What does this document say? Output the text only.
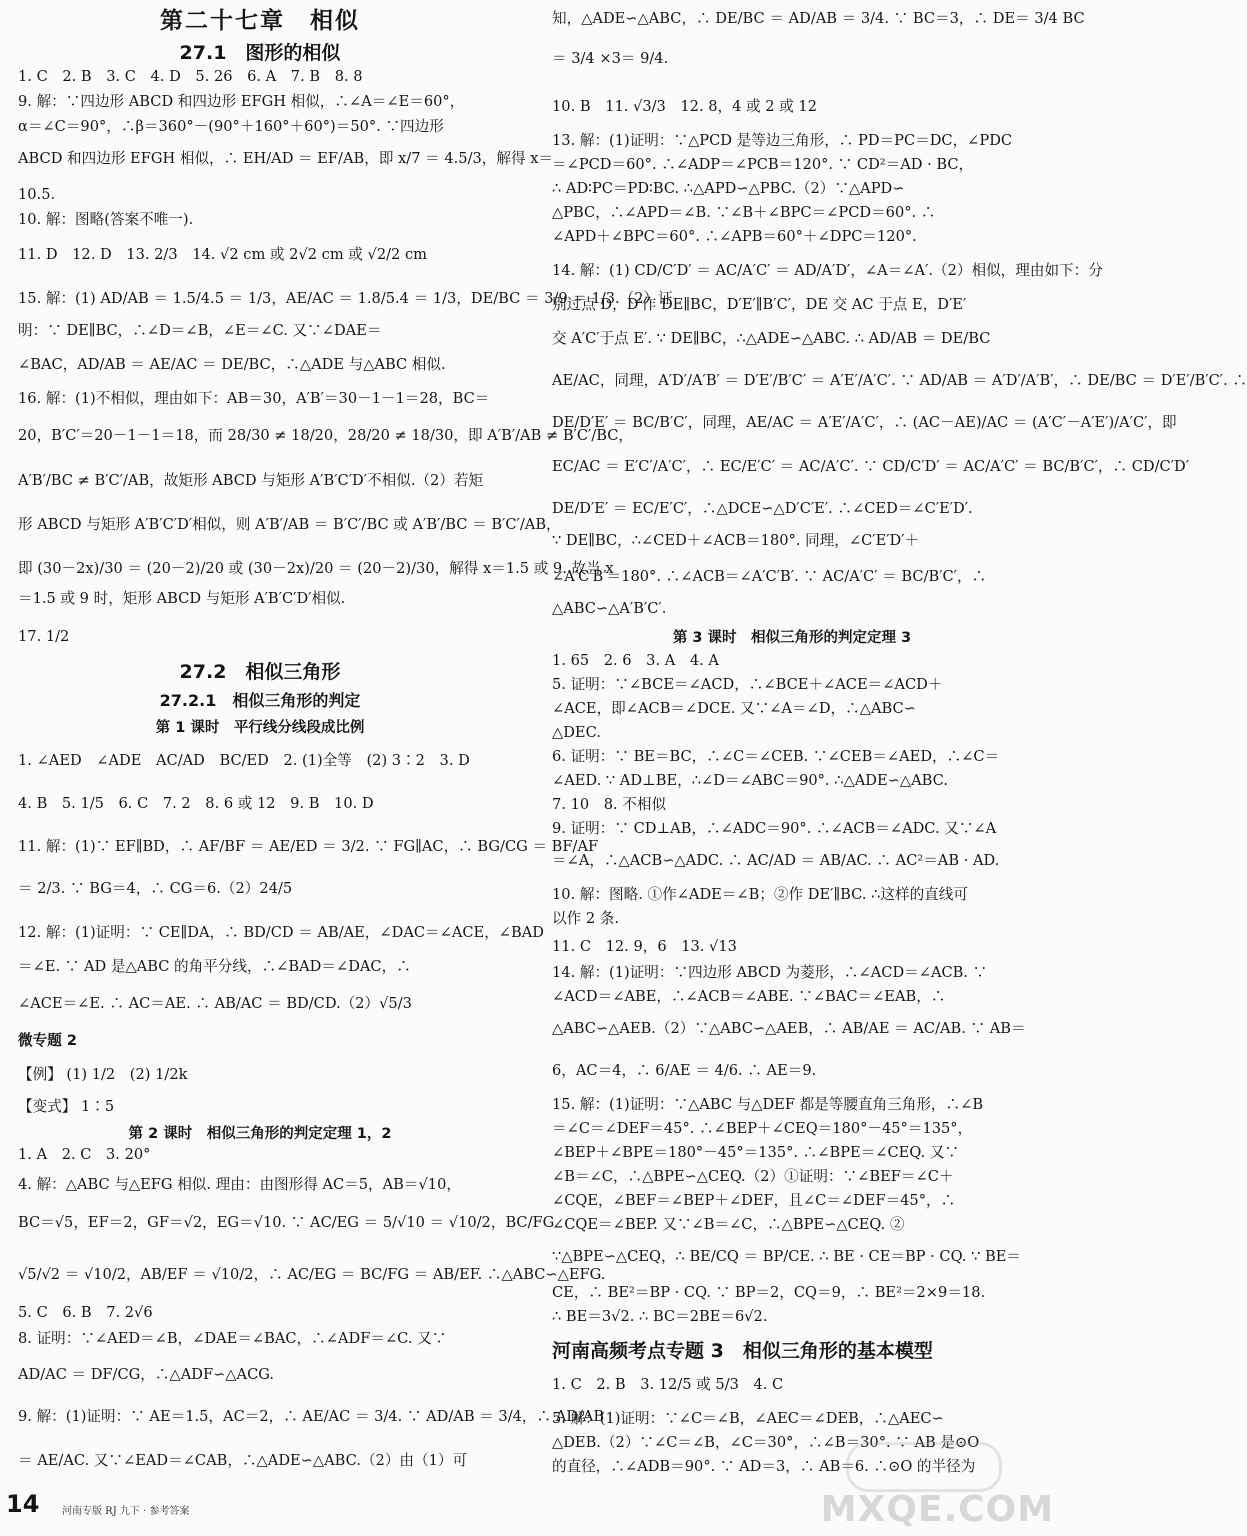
第二十七章　相似
27.1　图形的相似
1. C　2. B　3. C　4. D　5. 26　6. A　7. B　8. 8
9. 解：∵四边形 ABCD 和四边形 EFGH 相似，∴∠A＝∠E＝60°，
α＝∠C＝90°，∴β＝360°－(90°＋160°＋60°)＝50°. ∵四边形
ABCD 和四边形 EFGH 相似，∴ EH/AD ＝ EF/AB，即 x/7 ＝ 4.5/3，解得 x＝
10.5.
10. 解：图略(答案不唯一).
11. D　12. D　13. 2/3　14. √2 cm 或 2√2 cm 或 √2/2 cm
15. 解：(1) AD/AB ＝ 1.5/4.5 ＝ 1/3，AE/AC ＝ 1.8/5.4 ＝ 1/3，DE/BC ＝ 3/9 ＝ 1/3.（2）证
明：∵ DE∥BC，∴∠D＝∠B，∠E＝∠C. 又∵∠DAE＝
∠BAC，AD/AB ＝ AE/AC ＝ DE/BC，∴△ADE 与△ABC 相似.
16. 解：(1)不相似，理由如下：AB＝30，A′B′＝30－1－1＝28，BC＝
20，B′C′＝20－1－1＝18，而 28/30 ≠ 18/20，28/20 ≠ 18/30，即 A′B′/AB ≠ B′C′/BC，
A′B′/BC ≠ B′C′/AB，故矩形 ABCD 与矩形 A′B′C′D′不相似.（2）若矩
形 ABCD 与矩形 A′B′C′D′相似，则 A′B′/AB ＝ B′C′/BC 或 A′B′/BC ＝ B′C′/AB，
即 (30－2x)/30 ＝ (20－2)/20 或 (30－2x)/20 ＝ (20－2)/30，解得 x＝1.5 或 9. 故当 x
＝1.5 或 9 时，矩形 ABCD 与矩形 A′B′C′D′相似.
17. 1/2
27.2　相似三角形
27.2.1　相似三角形的判定
第 1 课时　平行线分线段成比例
1. ∠AED　∠ADE　AC/AD　BC/ED　2. (1)全等　(2) 3∶2　3. D
4. B　5. 1/5　6. C　7. 2　8. 6 或 12　9. B　10. D
11. 解：(1)∵ EF∥BD，∴ AF/BF ＝ AE/ED ＝ 3/2. ∵ FG∥AC，∴ BG/CG ＝ BF/AF
＝ 2/3. ∵ BG＝4，∴ CG＝6.（2）24/5
12. 解：(1)证明：∵ CE∥DA，∴ BD/CD ＝ AB/AE，∠DAC＝∠ACE，∠BAD
＝∠E. ∵ AD 是△ABC 的角平分线，∴∠BAD＝∠DAC，∴
∠ACE＝∠E. ∴ AC＝AE. ∴ AB/AC ＝ BD/CD.（2）√5/3
微专题 2
【例】 (1) 1/2　(2) 1/2k
【变式】 1∶5
第 2 课时　相似三角形的判定定理 1，2
1. A　2. C　3. 20°
4. 解：△ABC 与△EFG 相似. 理由：由图形得 AC＝5，AB＝√10，
BC＝√5，EF＝2，GF＝√2，EG＝√10. ∵ AC/EG ＝ 5/√10 ＝ √10/2，BC/FG
√5/√2 ＝ √10/2，AB/EF ＝ √10/2，∴ AC/EG ＝ BC/FG ＝ AB/EF. ∴△ABC∽△EFG.
5. C　6. B　7. 2√6
8. 证明：∵∠AED＝∠B，∠DAE＝∠BAC，∴∠ADF＝∠C. 又∵
AD/AC ＝ DF/CG，∴△ADF∽△ACG.
9. 解：(1)证明：∵ AE＝1.5，AC＝2，∴ AE/AC ＝ 3/4. ∵ AD/AB ＝ 3/4，∴ AD/AB
＝ AE/AC. 又∵∠EAD＝∠CAB，∴△ADE∽△ABC.（2）由（1）可
知，△ADE∽△ABC，∴ DE/BC ＝ AD/AB ＝ 3/4. ∵ BC＝3，∴ DE＝ 3/4 BC
＝ 3/4 ×3＝ 9/4.
10. B　11. √3/3　12. 8，4 或 2 或 12
13. 解：(1)证明：∵△PCD 是等边三角形，∴ PD＝PC＝DC，∠PDC
＝∠PCD＝60°. ∴∠ADP＝∠PCB＝120°. ∵ CD²＝AD · BC，
∴ AD∶PC＝PD∶BC. ∴△APD∽△PBC.（2）∵△APD∽
△PBC，∴∠APD＝∠B. ∵∠B＋∠BPC＝∠PCD＝60°. ∴
∠APD＋∠BPC＝60°. ∴∠APB＝60°＋∠DPC＝120°.
14. 解：(1) CD/C′D′ ＝ AC/A′C′ ＝ AD/A′D′，∠A＝∠A′.（2）相似，理由如下：分
别过点 D，D′作 DE∥BC，D′E′∥B′C′，DE 交 AC 于点 E，D′E′
交 A′C′于点 E′. ∵ DE∥BC，∴△ADE∽△ABC. ∴ AD/AB ＝ DE/BC
AE/AC，同理，A′D′/A′B′ ＝ D′E′/B′C′ ＝ A′E′/A′C′. ∵ AD/AB ＝ A′D′/A′B′，∴ DE/BC ＝ D′E′/B′C′. ∴
DE/D′E′ ＝ BC/B′C′，同理，AE/AC ＝ A′E′/A′C′，∴ (AC－AE)/AC ＝ (A′C′－A′E′)/A′C′，即
EC/AC ＝ E′C′/A′C′，∴ EC/E′C′ ＝ AC/A′C′. ∵ CD/C′D′ ＝ AC/A′C′ ＝ BC/B′C′，∴ CD/C′D′
DE/D′E′ ＝ EC/E′C′，∴△DCE∽△D′C′E′. ∴∠CED＝∠C′E′D′.
∵ DE∥BC，∴∠CED＋∠ACB＝180°. 同理，∠C′E′D′＋
∠A′C′B′＝180°. ∴∠ACB＝∠A′C′B′. ∵ AC/A′C′ ＝ BC/B′C′，∴
△ABC∽△A′B′C′.
第 3 课时　相似三角形的判定定理 3
1. 65　2. 6　3. A　4. A
5. 证明：∵∠BCE＝∠ACD，∴∠BCE＋∠ACE＝∠ACD＋
∠ACE，即∠ACB＝∠DCE. 又∵∠A＝∠D，∴△ABC∽
△DEC.
6. 证明：∵ BE＝BC，∴∠C＝∠CEB. ∵∠CEB＝∠AED，∴∠C＝
∠AED. ∵ AD⊥BE，∴∠D＝∠ABC＝90°. ∴△ADE∽△ABC.
7. 10　8. 不相似
9. 证明：∵ CD⊥AB，∴∠ADC＝90°. ∴∠ACB＝∠ADC. 又∵∠A
＝∠A，∴△ACB∽△ADC. ∴ AC/AD ＝ AB/AC. ∴ AC²＝AB · AD.
10. 解：图略. ①作∠ADE＝∠B；②作 DE′∥BC. ∴这样的直线可
以作 2 条.
11. C　12. 9，6　13. √13
14. 解：(1)证明：∵四边形 ABCD 为菱形，∴∠ACD＝∠ACB. ∵
∠ACD＝∠ABE，∴∠ACB＝∠ABE. ∵∠BAC＝∠EAB，∴
△ABC∽△AEB.（2）∵△ABC∽△AEB，∴ AB/AE ＝ AC/AB. ∵ AB＝
6，AC＝4，∴ 6/AE ＝ 4/6. ∴ AE＝9.
15. 解：(1)证明：∵△ABC 与△DEF 都是等腰直角三角形，∴∠B
＝∠C＝∠DEF＝45°. ∴∠BEP＋∠CEQ＝180°－45°＝135°，
∠BEP＋∠BPE＝180°－45°＝135°. ∴∠BPE＝∠CEQ. 又∵
∠B＝∠C，∴△BPE∽△CEQ.（2）①证明：∵∠BEF＝∠C＋
∠CQE，∠BEF＝∠BEP＋∠DEF，且∠C＝∠DEF＝45°，∴
∠CQE＝∠BEP. 又∵∠B＝∠C，∴△BPE∽△CEQ. ②
∵△BPE∽△CEQ，∴ BE/CQ ＝ BP/CE. ∴ BE · CE＝BP · CQ. ∵ BE＝
CE，∴ BE²＝BP · CQ. ∵ BP＝2，CQ＝9，∴ BE²＝2×9＝18.
∴ BE＝3√2. ∴ BC＝2BE＝6√2.
河南高频考点专题 3　相似三角形的基本模型
1. C　2. B　3. 12/5 或 5/3　4. C
5. 解：(1)证明：∵∠C＝∠B，∠AEC＝∠DEB，∴△AEC∽
△DEB.（2）∵∠C＝∠B，∠C＝30°，∴∠B＝30°. ∵ AB 是⊙O
的直径，∴∠ADB＝90°. ∵ AD＝3，∴ AB＝6. ∴⊙O 的半径为
MXQE.COM
14 河南专版 RJ 九下 · 参考答案
